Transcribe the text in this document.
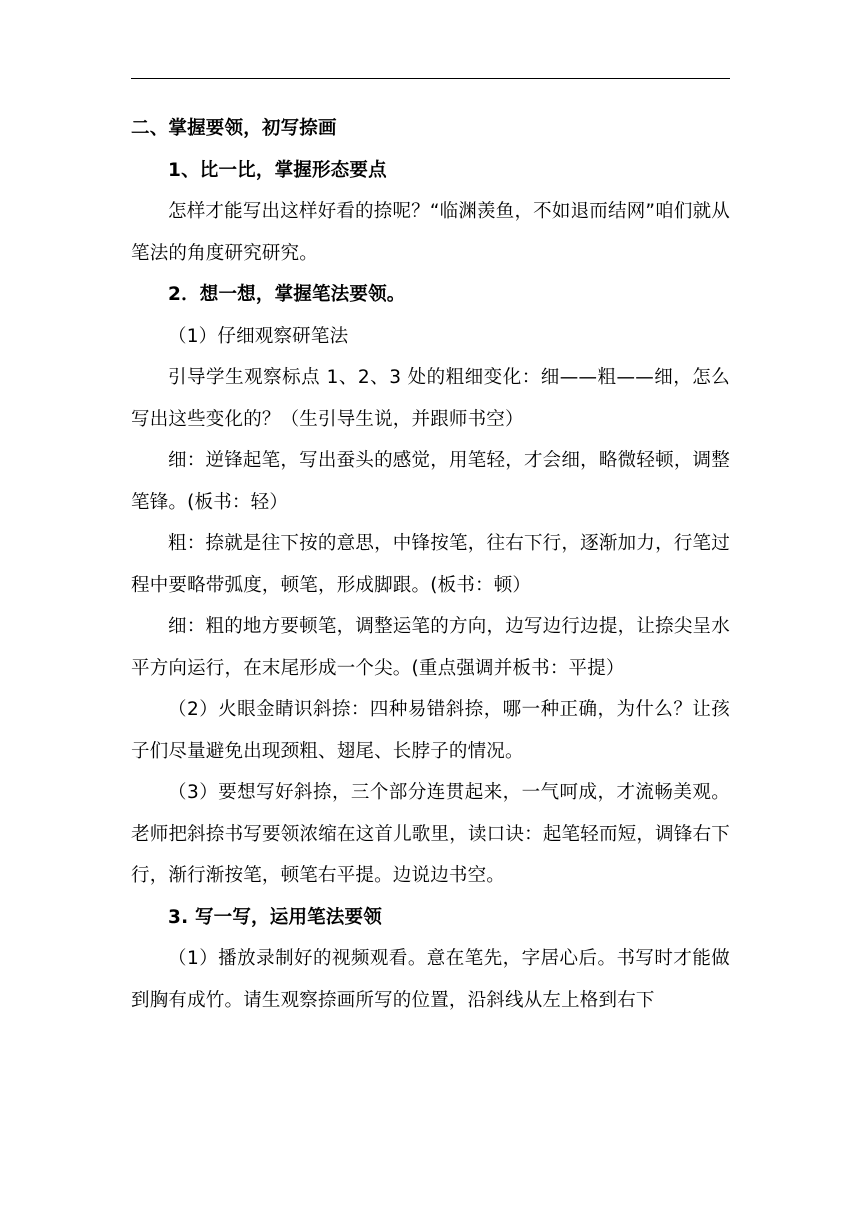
二、掌握要领，初写捺画

1、比一比，掌握形态要点

怎样才能写出这样好看的捺呢？“临渊羡鱼，不如退而结网”咱们就从笔法的角度研究研究。

2．想一想，掌握笔法要领。

（1）仔细观察研笔法

引导学生观察标点 1、2、3 处的粗细变化：细——粗——细，怎么写出这些变化的？（生引导生说，并跟师书空）

细：逆锋起笔，写出蚕头的感觉，用笔轻，才会细，略微轻顿，调整笔锋。(板书：轻）

粗：捺就是往下按的意思，中锋按笔，往右下行，逐渐加力，行笔过程中要略带弧度，顿笔，形成脚跟。(板书：顿）

细：粗的地方要顿笔，调整运笔的方向，边写边行边提，让捺尖呈水平方向运行，在末尾形成一个尖。(重点强调并板书：平提）

（2）火眼金睛识斜捺：四种易错斜捺，哪一种正确，为什么？让孩子们尽量避免出现颈粗、翅尾、长脖子的情况。

（3）要想写好斜捺，三个部分连贯起来，一气呵成，才流畅美观。老师把斜捺书写要领浓缩在这首儿歌里，读口诀：起笔轻而短，调锋右下行，渐行渐按笔，顿笔右平提。边说边书空。

3. 写一写，运用笔法要领

（1）播放录制好的视频观看。意在笔先，字居心后。书写时才能做到胸有成竹。请生观察捺画所写的位置，沿斜线从左上格到右下
